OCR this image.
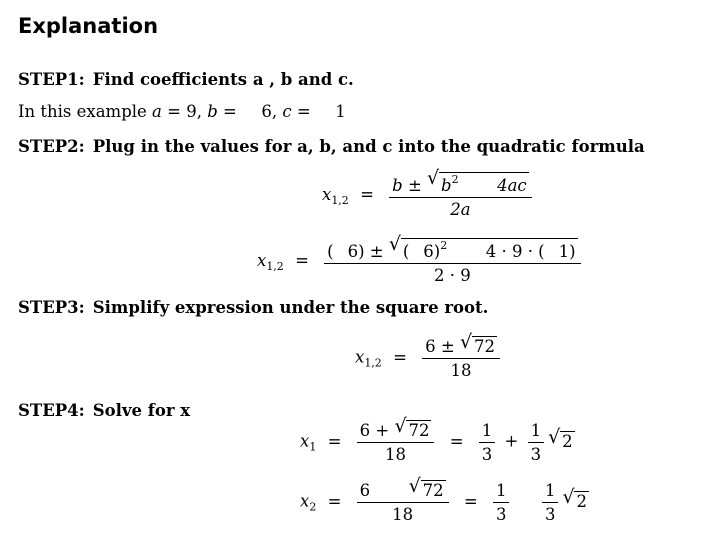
Explanation
STEP1: Find coefficients a , b and c.
In this example a = 9, b = 6, c = 1
STEP2: Plug in the values for a, b, and c into the quadratic formula
$x_{1,2} = b$ ± √ $b^2$ 4ac
2a
$x_{1,2}$ = ( 6) ± √ ( 6)$^2$ 4 · 9 · ( 1)
2 · 9
STEP3: Simplify expression under the square root.
$x_{1,2} = \frac{6 \pm √ 72}{18}$
STEP4: Solve for x
$x_1 = \frac{6 + √ 72}{18} = \frac{1}{3} + \frac{1}{3}$ √ 2
$x_2 = \frac{6 √ 72}{18} = \frac{1}{3}$
$\frac{1}{3}$ √ 2
